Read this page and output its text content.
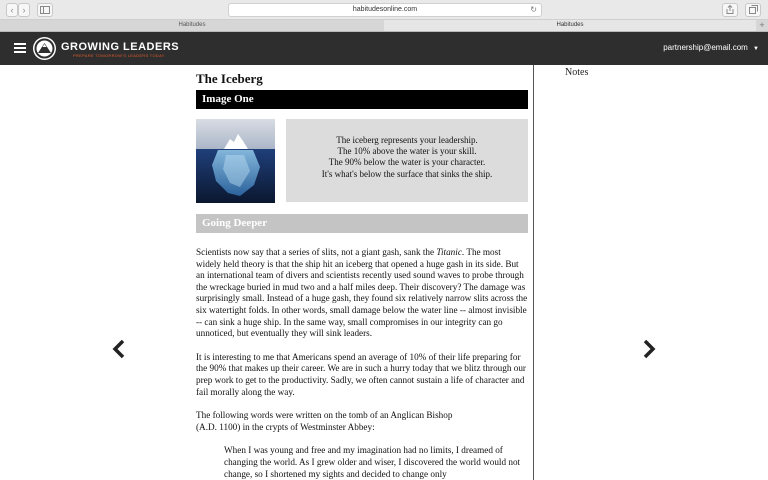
‹	›	habitudesonline.com	↻
Habitudes	Habitudes	+
GROWING LEADERS
PREPARE TOMORROW'S LEADERS TODAY
partnership@email.com ▼
Notes
The Iceberg
Image One
The iceberg represents your leadership.
The 10% above the water is your skill.
The 90% below the water is your character.
It's what's below the surface that sinks the ship.
Going Deeper

Scientists now say that a series of slits, not a giant gash, sank the Titanic. The most widely held theory is that the ship hit an iceberg that opened a huge gash in its side. But an international team of divers and scientists recently used sound waves to probe through the wreckage buried in mud two and a half miles deep. Their discovery? The damage was surprisingly small. Instead of a huge gash, they found six relatively narrow slits across the six watertight folds. In other words, small damage below the water line -- almost invisible -- can sink a huge ship. In the same way, small compromises in our integrity can go unnoticed, but eventually they will sink leaders.

It is interesting to me that Americans spend an average of 10% of their life preparing for the 90% that makes up their career. We are in such a hurry today that we blitz through our prep work to get to the productivity. Sadly, we often cannot sustain a life of character and fail morally along the way.

The following words were written on the tomb of an Anglican Bishop
(A.D. 1100) in the crypts of Westminster Abbey:

When I was young and free and my imagination had no limits, I dreamed of changing the world. As I grew older and wiser, I discovered the world would not change, so I shortened my sights and decided to change only
